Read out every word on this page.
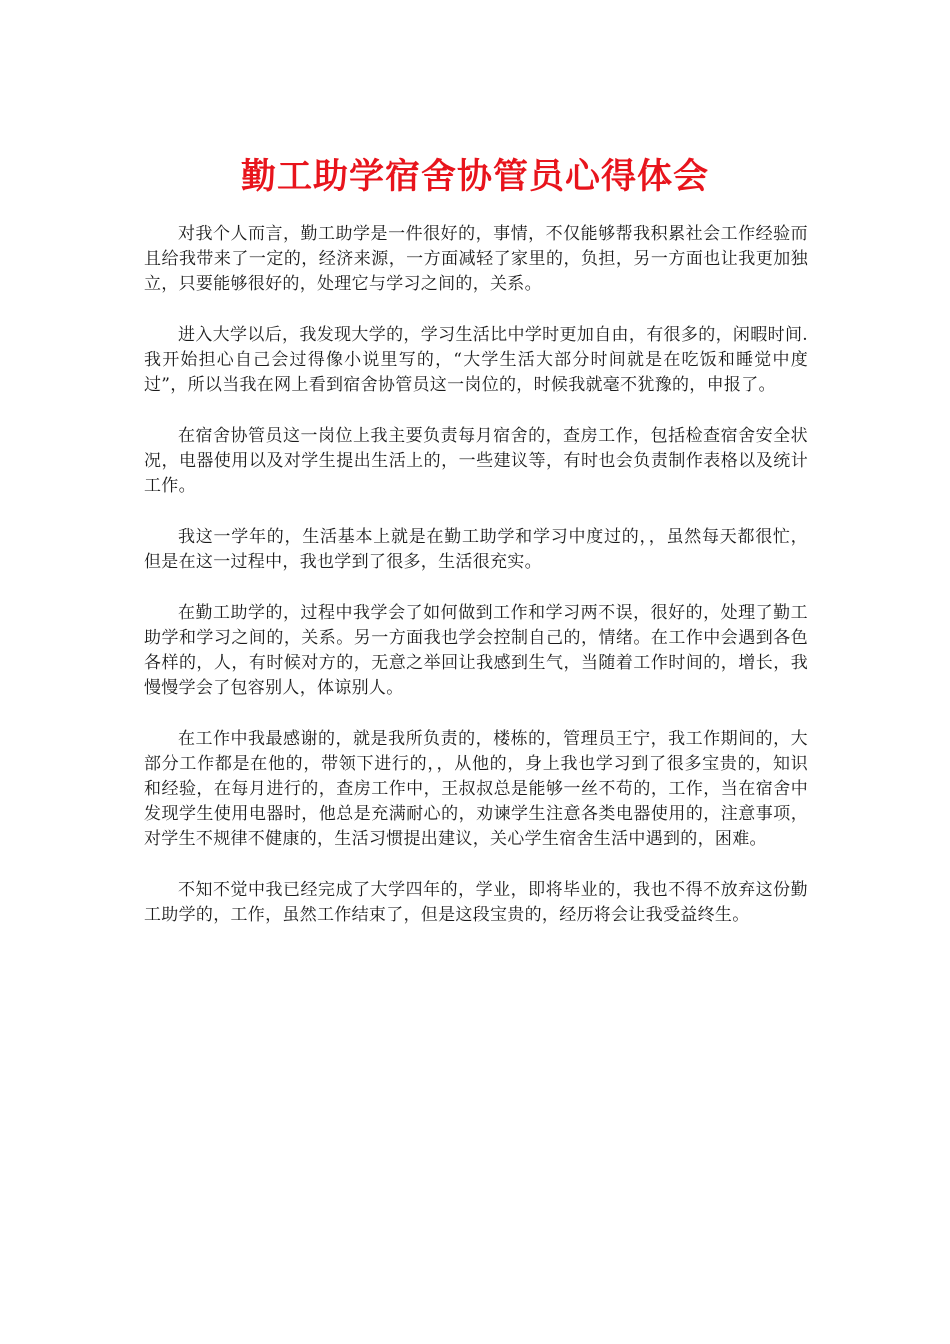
勤工助学宿舍协管员心得体会

对我个人而言，勤工助学是一件很好的，事情，不仅能够帮我积累社会工作经验而且给我带来了一定的，经济来源，一方面减轻了家里的，负担，另一方面也让我更加独立，只要能够很好的，处理它与学习之间的，关系。

进入大学以后，我发现大学的，学习生活比中学时更加自由，有很多的，闲暇时间.我开始担心自己会过得像小说里写的，“大学生活大部分时间就是在吃饭和睡觉中度过”，所以当我在网上看到宿舍协管员这一岗位的，时候我就毫不犹豫的，申报了。

在宿舍协管员这一岗位上我主要负责每月宿舍的，查房工作，包括检查宿舍安全状况，电器使用以及对学生提出生活上的，一些建议等，有时也会负责制作表格以及统计工作。

我这一学年的，生活基本上就是在勤工助学和学习中度过的，，虽然每天都很忙，但是在这一过程中，我也学到了很多，生活很充实。

在勤工助学的，过程中我学会了如何做到工作和学习两不误，很好的，处理了勤工助学和学习之间的，关系。另一方面我也学会控制自己的，情绪。在工作中会遇到各色各样的，人，有时候对方的，无意之举回让我感到生气，当随着工作时间的，增长，我慢慢学会了包容别人，体谅别人。

在工作中我最感谢的，就是我所负责的，楼栋的，管理员王宁，我工作期间的，大部分工作都是在他的，带领下进行的，，从他的，身上我也学习到了很多宝贵的，知识和经验，在每月进行的，查房工作中，王叔叔总是能够一丝不苟的，工作，当在宿舍中发现学生使用电器时，他总是充满耐心的，劝谏学生注意各类电器使用的，注意事项，对学生不规律不健康的，生活习惯提出建议，关心学生宿舍生活中遇到的，困难。

不知不觉中我已经完成了大学四年的，学业，即将毕业的，我也不得不放弃这份勤工助学的，工作，虽然工作结束了，但是这段宝贵的，经历将会让我受益终生。
